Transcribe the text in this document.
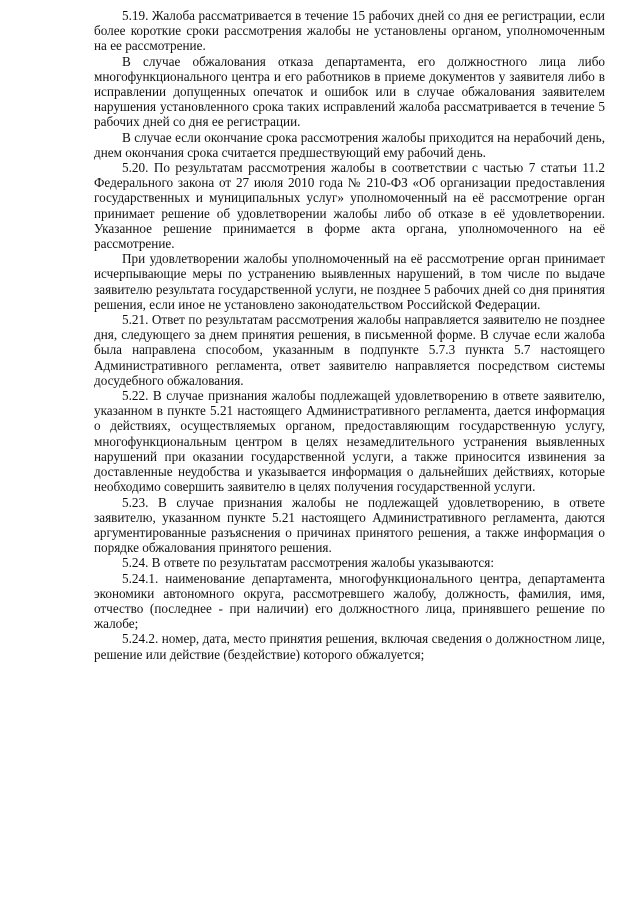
5.19. Жалоба рассматривается в течение 15 рабочих дней со дня ее регистрации, если более короткие сроки рассмотрения жалобы не установлены органом, уполномоченным на ее рассмотрение.

В случае обжалования отказа департамента, его должностного лица либо многофункционального центра и его работников в приеме документов у заявителя либо в исправлении допущенных опечаток и ошибок или в случае обжалования заявителем нарушения установленного срока таких исправлений жалоба рассматривается в течение 5 рабочих дней со дня ее регистрации.

В случае если окончание срока рассмотрения жалобы приходится на нерабочий день, днем окончания срока считается предшествующий ему рабочий день.

5.20. По результатам рассмотрения жалобы в соответствии с частью 7 статьи 11.2 Федерального закона от 27 июля 2010 года № 210-ФЗ «Об организации предоставления государственных и муниципальных услуг» уполномоченный на её рассмотрение орган принимает решение об удовлетворении жалобы либо об отказе в её удовлетворении. Указанное решение принимается в форме акта органа, уполномоченного на её рассмотрение.

При удовлетворении жалобы уполномоченный на её рассмотрение орган принимает исчерпывающие меры по устранению выявленных нарушений, в том числе по выдаче заявителю результата государственной услуги, не позднее 5 рабочих дней со дня принятия решения, если иное не установлено законодательством Российской Федерации.

5.21. Ответ по результатам рассмотрения жалобы направляется заявителю не позднее дня, следующего за днем принятия решения, в письменной форме. В случае если жалоба была направлена способом, указанным в подпункте 5.7.3 пункта 5.7 настоящего Административного регламента, ответ заявителю направляется посредством системы досудебного обжалования.

5.22. В случае признания жалобы подлежащей удовлетворению в ответе заявителю, указанном в пункте 5.21 настоящего Административного регламента, дается информация о действиях, осуществляемых органом, предоставляющим государственную услугу, многофункциональным центром в целях незамедлительного устранения выявленных нарушений при оказании государственной услуги, а также приносится извинения за доставленные неудобства и указывается информация о дальнейших действиях, которые необходимо совершить заявителю в целях получения государственной услуги.

5.23. В случае признания жалобы не подлежащей удовлетворению, в ответе заявителю, указанном пункте 5.21 настоящего Административного регламента, даются аргументированные разъяснения о причинах принятого решения, а также информация о порядке обжалования принятого решения.

5.24. В ответе по результатам рассмотрения жалобы указываются:

5.24.1. наименование департамента, многофункционального центра, департамента экономики автономного округа, рассмотревшего жалобу, должность, фамилия, имя, отчество (последнее - при наличии) его должностного лица, принявшего решение по жалобе;

5.24.2. номер, дата, место принятия решения, включая сведения о должностном лице, решение или действие (бездействие) которого обжалуется;
